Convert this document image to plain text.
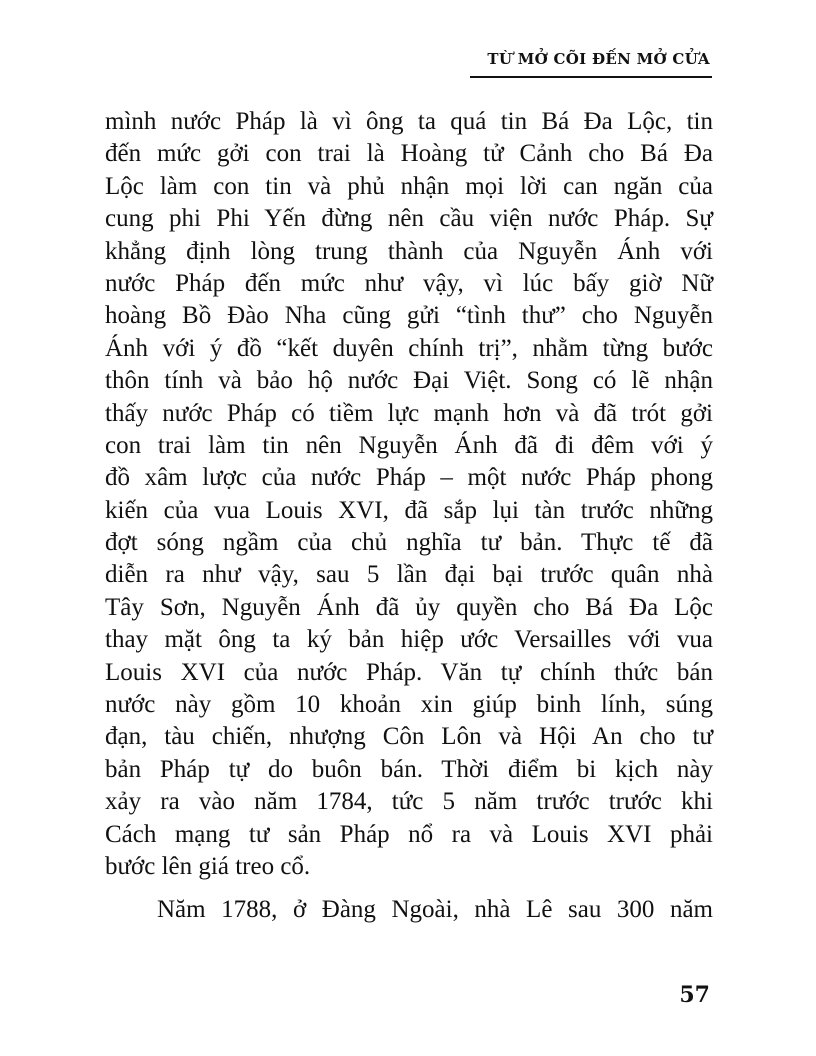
TỪ MỞ CÕI ĐẾN MỞ CỬA
mình nước Pháp là vì ông ta quá tin Bá Đa Lộc, tin
đến mức gởi con trai là Hoàng tử Cảnh cho Bá Đa
Lộc làm con tin và phủ nhận mọi lời can ngăn của
cung phi Phi Yến đừng nên cầu viện nước Pháp. Sự
khẳng định lòng trung thành của Nguyễn Ánh với
nước Pháp đến mức như vậy, vì lúc bấy giờ Nữ
hoàng Bồ Đào Nha cũng gửi “tình thư” cho Nguyễn
Ánh với ý đồ “kết duyên chính trị”, nhằm từng bước
thôn tính và bảo hộ nước Đại Việt. Song có lẽ nhận
thấy nước Pháp có tiềm lực mạnh hơn và đã trót gởi
con trai làm tin nên Nguyễn Ánh đã đi đêm với ý
đồ xâm lược của nước Pháp – một nước Pháp phong
kiến của vua Louis XVI, đã sắp lụi tàn trước những
đợt sóng ngầm của chủ nghĩa tư bản. Thực tế đã
diễn ra như vậy, sau 5 lần đại bại trước quân nhà
Tây Sơn, Nguyễn Ánh đã ủy quyền cho Bá Đa Lộc
thay mặt ông ta ký bản hiệp ước Versailles với vua
Louis XVI của nước Pháp. Văn tự chính thức bán
nước này gồm 10 khoản xin giúp binh lính, súng
đạn, tàu chiến, nhượng Côn Lôn và Hội An cho tư
bản Pháp tự do buôn bán. Thời điểm bi kịch này
xảy ra vào năm 1784, tức 5 năm trước trước khi
Cách mạng tư sản Pháp nổ ra và Louis XVI phải
bước lên giá treo cổ.
Năm 1788, ở Đàng Ngoài, nhà Lê sau 300 năm
57
